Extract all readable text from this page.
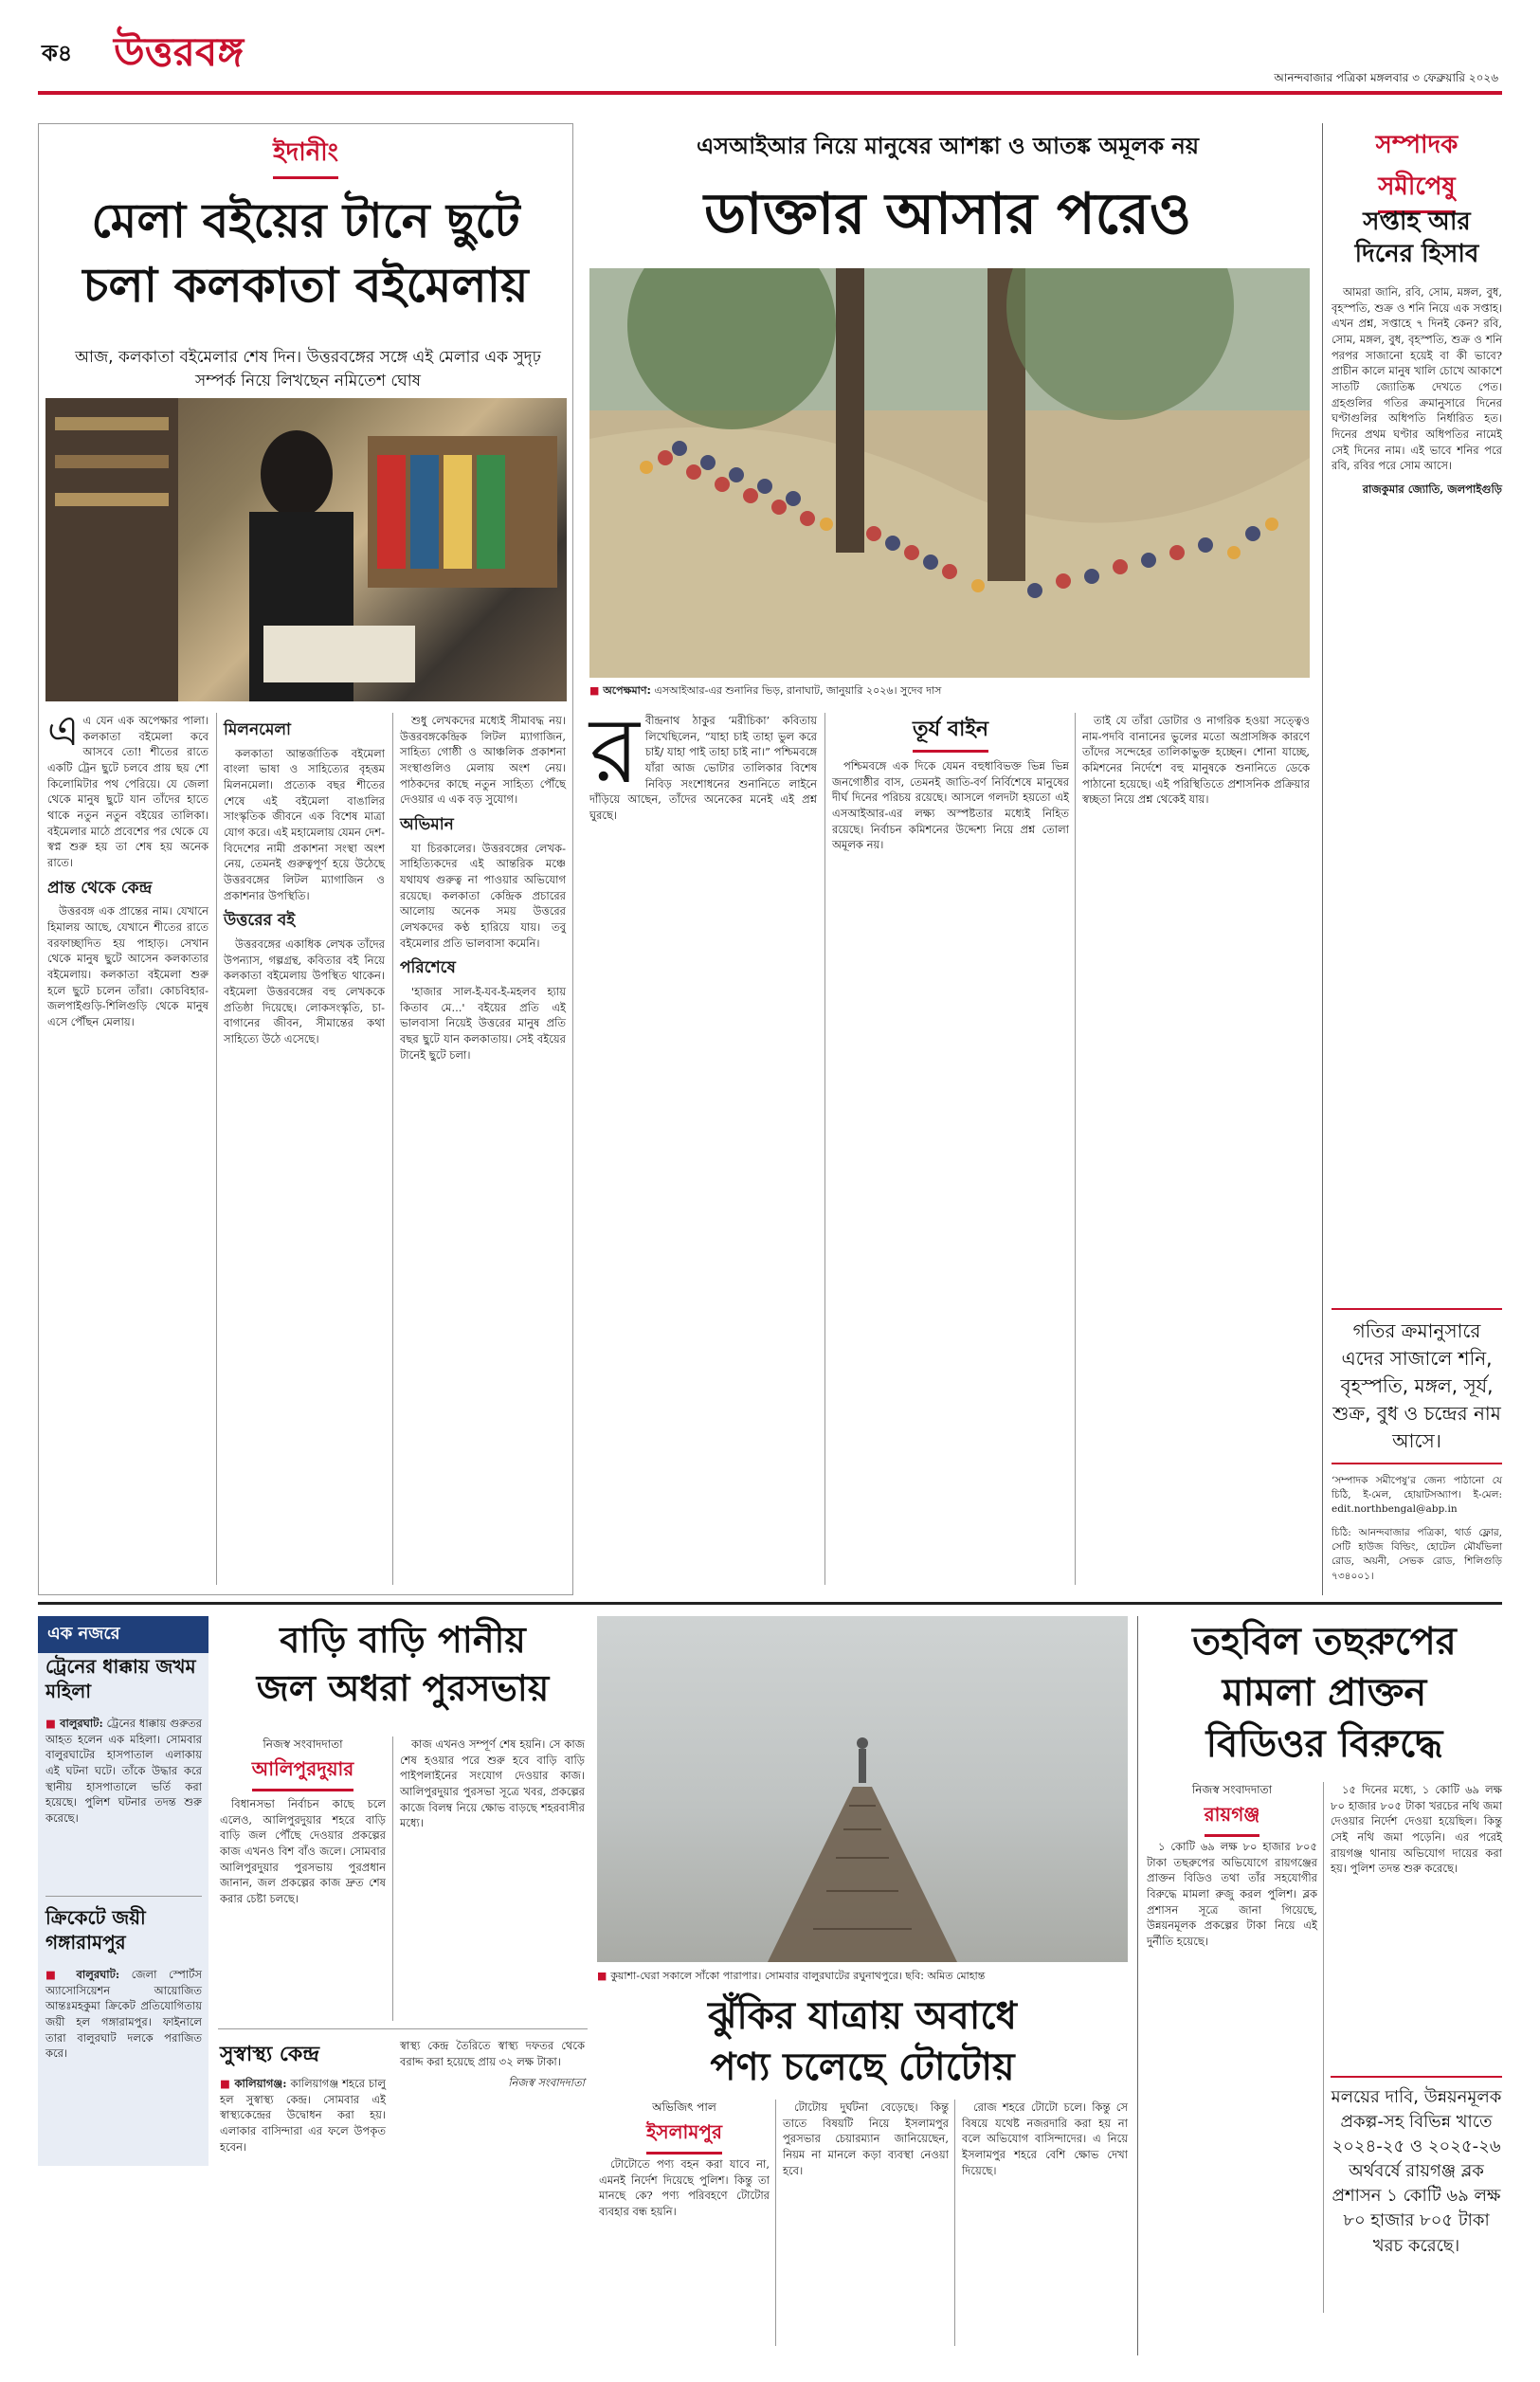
ক৪ উত্তরবঙ্গ
আনন্দবাজার পত্রিকা মঙ্গলবার ৩ ফেব্রুয়ারি ২০২৬
ইদানীং
মেলা বইয়ের টানে ছুটে
চলা কলকাতা বইমেলায়
আজ, কলকাতা বইমেলার শেষ দিন। উত্তরবঙ্গের সঙ্গে এই মেলার এক সুদৃঢ় সম্পর্ক নিয়ে লিখছেন নমিতেশ ঘোষ

এএ যেন এক অপেক্ষার পালা। কলকাতা বইমেলা কবে আসবে তো! শীতের রাতে একটি ট্রেন ছুটে চলবে প্রায় ছয় শো কিলোমিটার পথ পেরিয়ে। যে জেলা থেকে মানুষ ছুটে যান তাঁদের হাতে থাকে নতুন নতুন বইয়ের তালিকা। বইমেলার মাঠে প্রবেশের পর থেকে যে স্বপ্ন শুরু হয় তা শেষ হয় অনেক রাতে।

প্রান্ত থেকে কেন্দ্র

উত্তরবঙ্গ এক প্রান্তের নাম। যেখানে হিমালয় আছে, যেখানে শীতের রাতে বরফাচ্ছাদিত হয় পাহাড়। সেখান থেকে মানুষ ছুটে আসেন কলকাতার বইমেলায়। কলকাতা বইমেলা শুরু হলে ছুটে চলেন তাঁরা। কোচবিহার-জলপাইগুড়ি-শিলিগুড়ি থেকে মানুষ এসে পৌঁছন মেলায়।

মিলনমেলা

কলকাতা আন্তর্জাতিক বইমেলা বাংলা ভাষা ও সাহিত্যের বৃহত্তম মিলনমেলা। প্রত্যেক বছর শীতের শেষে এই বইমেলা বাঙালির সাংস্কৃতিক জীবনে এক বিশেষ মাত্রা যোগ করে। এই মহামেলায় যেমন দেশ-বিদেশের নামী প্রকাশনা সংস্থা অংশ নেয়, তেমনই গুরুত্বপূর্ণ হয়ে উঠেছে উত্তরবঙ্গের লিটল ম্যাগাজিন ও প্রকাশনার উপস্থিতি।

উত্তরের বই

উত্তরবঙ্গের একাধিক লেখক তাঁদের উপন্যাস, গল্পগ্রন্থ, কবিতার বই নিয়ে কলকাতা বইমেলায় উপস্থিত থাকেন। বইমেলা উত্তরবঙ্গের বহু লেখককে প্রতিষ্ঠা দিয়েছে। লোকসংস্কৃতি, চা-বাগানের জীবন, সীমান্তের কথা সাহিত্যে উঠে এসেছে।

শুধু লেখকদের মধ্যেই সীমাবদ্ধ নয়। উত্তরবঙ্গকেন্দ্রিক লিটল ম্যাগাজিন, সাহিত্য গোষ্ঠী ও আঞ্চলিক প্রকাশনা সংস্থাগুলিও মেলায় অংশ নেয়। পাঠকদের কাছে নতুন সাহিত্য পৌঁছে দেওয়ার এ এক বড় সুযোগ।

অভিমান

যা চিরকালের। উত্তরবঙ্গের লেখক-সাহিত্যিকদের এই আন্তরিক মঞ্চে যথাযথ গুরুত্ব না পাওয়ার অভিযোগ রয়েছে। কলকাতা কেন্দ্রিক প্রচারের আলোয় অনেক সময় উত্তরের লেখকদের কণ্ঠ হারিয়ে যায়। তবু বইমেলার প্রতি ভালবাসা কমেনি।

পরিশেষে

'হাজার সাল-ই-যব-ই-মহলব হ্যায় কিতাব মে...' বইয়ের প্রতি এই ভালবাসা নিয়েই উত্তরের মানুষ প্রতি বছর ছুটে যান কলকাতায়। সেই বইয়ের টানেই ছুটে চলা।

এসআইআর নিয়ে মানুষের আশঙ্কা ও আতঙ্ক অমূলক নয়
ডাক্তার আসার পরেও
■ অপেক্ষমাণ: এসআইআর-এর শুনানির ভিড়, রানাঘাট, জানুয়ারি ২০২৬। সুদেব দাস

রবীন্দ্রনাথ ঠাকুর ‘মরীচিকা’ কবিতায় লিখেছিলেন, “যাহা চাই তাহা ভুল করে চাই/ যাহা পাই তাহা চাই না।” পশ্চিমবঙ্গে যাঁরা আজ ভোটার তালিকার বিশেষ নিবিড় সংশোধনের শুনানিতে লাইনে দাঁড়িয়ে আছেন, তাঁদের অনেকের মনেই এই প্রশ্ন ঘুরছে।

তূর্য বাইন

পশ্চিমবঙ্গে এক দিকে যেমন বহুধাবিভক্ত ভিন্ন ভিন্ন জনগোষ্ঠীর বাস, তেমনই জাতি-বর্ণ নির্বিশেষে মানুষের দীর্ঘ দিনের পরিচয় রয়েছে। আসলে গলদটা হয়তো এই এসআইআর-এর লক্ষ্য অস্পষ্টতার মধ্যেই নিহিত রয়েছে। নির্বাচন কমিশনের উদ্দেশ্য নিয়ে প্রশ্ন তোলা অমূলক নয়।

তাই যে তাঁরা ডোটার ও নাগরিক হওয়া সত্ত্বেও নাম-পদবি বানানের ভুলের মতো অপ্রাসঙ্গিক কারণে তাঁদের সন্দেহের তালিকাভুক্ত হচ্ছেন। শোনা যাচ্ছে, কমিশনের নির্দেশে বহু মানুষকে শুনানিতে ডেকে পাঠানো হয়েছে। এই পরিস্থিতিতে প্রশাসনিক প্রক্রিয়ার স্বচ্ছতা নিয়ে প্রশ্ন থেকেই যায়।

সম্পাদক
সমীপেষু
সপ্তাহ আর দিনের হিসাব

আমরা জানি, রবি, সোম, মঙ্গল, বুধ, বৃহস্পতি, শুক্র ও শনি নিয়ে এক সপ্তাহ। এখন প্রশ্ন, সপ্তাহে ৭ দিনই কেন? রবি, সোম, মঙ্গল, বুধ, বৃহস্পতি, শুক্র ও শনি পরপর সাজানো হয়েই বা কী ভাবে? প্রাচীন কালে মানুষ খালি চোখে আকাশে সাতটি জ্যোতিষ্ক দেখতে পেত। গ্রহগুলির গতির ক্রমানুসারে দিনের ঘণ্টাগুলির অধিপতি নির্ধারিত হত। দিনের প্রথম ঘণ্টার অধিপতির নামেই সেই দিনের নাম। এই ভাবে শনির পরে রবি, রবির পরে সোম আসে।

রাজকুমার জ্যোতি, জলপাইগুড়ি

গতির ক্রমানুসারে এদের সাজালে শনি, বৃহস্পতি, মঙ্গল, সূর্য, শুক্র, বুধ ও চন্দ্রের নাম আসে।
‘সম্পাদক সমীপেষু’র জেন্য পাঠানো যে চিঠি, ই-মেল, হোয়াটসঅ্যাপ। ই-মেল: edit.northbengal@abp.in
চিঠি: আনন্দবাজার পত্রিকা, থার্ড ফ্লোর, সেটি হাউজ বিল্ডিং, হোটেল মৌর্যভিলা রোড, অয়নী, সেভক রোড, শিলিগুড়ি ৭৩৪০০১।
এক নজরে
ট্রেনের ধাক্কায় জখম মহিলা
■ বালুরঘাট: ট্রেনের ধাক্কায় গুরুতর আহত হলেন এক মহিলা। সোমবার বালুরঘাটের হাসপাতাল এলাকায় এই ঘটনা ঘটে। তাঁকে উদ্ধার করে স্থানীয় হাসপাতালে ভর্তি করা হয়েছে। পুলিশ ঘটনার তদন্ত শুরু করেছে।
ক্রিকেটে জয়ী গঙ্গারামপুর
■ বালুরঘাট: জেলা স্পোর্টস অ্যাসোসিয়েশন আয়োজিত আন্তঃমহকুমা ক্রিকেট প্রতিযোগিতায় জয়ী হল গঙ্গারামপুর। ফাইনালে তারা বালুরঘাট দলকে পরাজিত করে।
বাড়ি বাড়ি পানীয়
জল অধরা পুরসভায়
নিজস্ব সংবাদদাতা
আলিপুরদুয়ার

বিধানসভা নির্বাচন কাছে চলে এলেও, আলিপুরদুয়ার শহরে বাড়ি বাড়ি জল পৌঁছে দেওয়ার প্রকল্পের কাজ এখনও বিশ বাঁও জলে। সোমবার আলিপুরদুয়ার পুরসভায় পুরপ্রধান জানান, জল প্রকল্পের কাজ দ্রুত শেষ করার চেষ্টা চলছে।

কাজ এখনও সম্পূর্ণ শেষ হয়নি। সে কাজ শেষ হওয়ার পরে শুরু হবে বাড়ি বাড়ি পাইপলাইনের সংযোগ দেওয়ার কাজ। আলিপুরদুয়ার পুরসভা সূত্রে খবর, প্রকল্পের কাজে বিলম্ব নিয়ে ক্ষোভ বাড়ছে শহরবাসীর মধ্যে।

সুস্বাস্থ্য কেন্দ্র
■ কালিয়াগঞ্জ: কালিয়াগঞ্জ শহরে চালু হল সুস্বাস্থ্য কেন্দ্র। সোমবার এই স্বাস্থ্যকেন্দ্রের উদ্বোধন করা হয়। এলাকার বাসিন্দারা এর ফলে উপকৃত হবেন।
স্বাস্থ্য কেন্দ্র তৈরিতে স্বাস্থ্য দফতর থেকে বরাদ্দ করা হয়েছে প্রায় ৩২ লক্ষ টাকা।
নিজস্ব সংবাদদাতা
■ কুয়াশা-ঘেরা সকালে সাঁকো পারাপার। সোমবার বালুরঘাটের রঘুনাথপুরে। ছবি: অমিত মোহান্ত
ঝুঁকির যাত্রায় অবাধে
পণ্য চলেছে টোটোয়
অভিজিৎ পাল
ইসলামপুর

টোটোতে পণ্য বহন করা যাবে না, এমনই নির্দেশ দিয়েছে পুলিশ। কিন্তু তা মানছে কে? পণ্য পরিবহণে টোটোর ব্যবহার বন্ধ হয়নি।

টোটোয় দুর্ঘটনা বেড়েছে। কিন্তু তাতে বিষয়টি নিয়ে ইসলামপুর পুরসভার চেয়ারম্যান জানিয়েছেন, নিয়ম না মানলে কড়া ব্যবস্থা নেওয়া হবে।

রোজ শহরে টোটো চলে। কিন্তু সে বিষয়ে যথেষ্ট নজরদারি করা হয় না বলে অভিযোগ বাসিন্দাদের। এ নিয়ে ইসলামপুর শহরে বেশি ক্ষোভ দেখা দিয়েছে।

তহবিল তছরুপের
মামলা প্রাক্তন
বিডিওর বিরুদ্ধে
নিজস্ব সংবাদদাতা
রায়গঞ্জ

১ কোটি ৬৯ লক্ষ ৮০ হাজার ৮০৫ টাকা তছরুপের অভিযোগে রায়গঞ্জের প্রাক্তন বিডিও তথা তাঁর সহযোগীর বিরুদ্ধে মামলা রুজু করল পুলিশ। ব্লক প্রশাসন সূত্রে জানা গিয়েছে, উন্নয়নমূলক প্রকল্পের টাকা নিয়ে এই দুর্নীতি হয়েছে।

১৫ দিনের মধ্যে, ১ কোটি ৬৯ লক্ষ ৮০ হাজার ৮০৫ টাকা খরচের নথি জমা দেওয়ার নির্দেশ দেওয়া হয়েছিল। কিন্তু সেই নথি জমা পড়েনি। এর পরেই রায়গঞ্জ থানায় অভিযোগ দায়ের করা হয়। পুলিশ তদন্ত শুরু করেছে।

মলয়ের দাবি, উন্নয়নমূলক প্রকল্প-সহ বিভিন্ন খাতে ২০২৪-২৫ ও ২০২৫-২৬ অর্থবর্ষে রায়গঞ্জ ব্লক প্রশাসন ১ কোটি ৬৯ লক্ষ ৮০ হাজার ৮০৫ টাকা খরচ করেছে।
